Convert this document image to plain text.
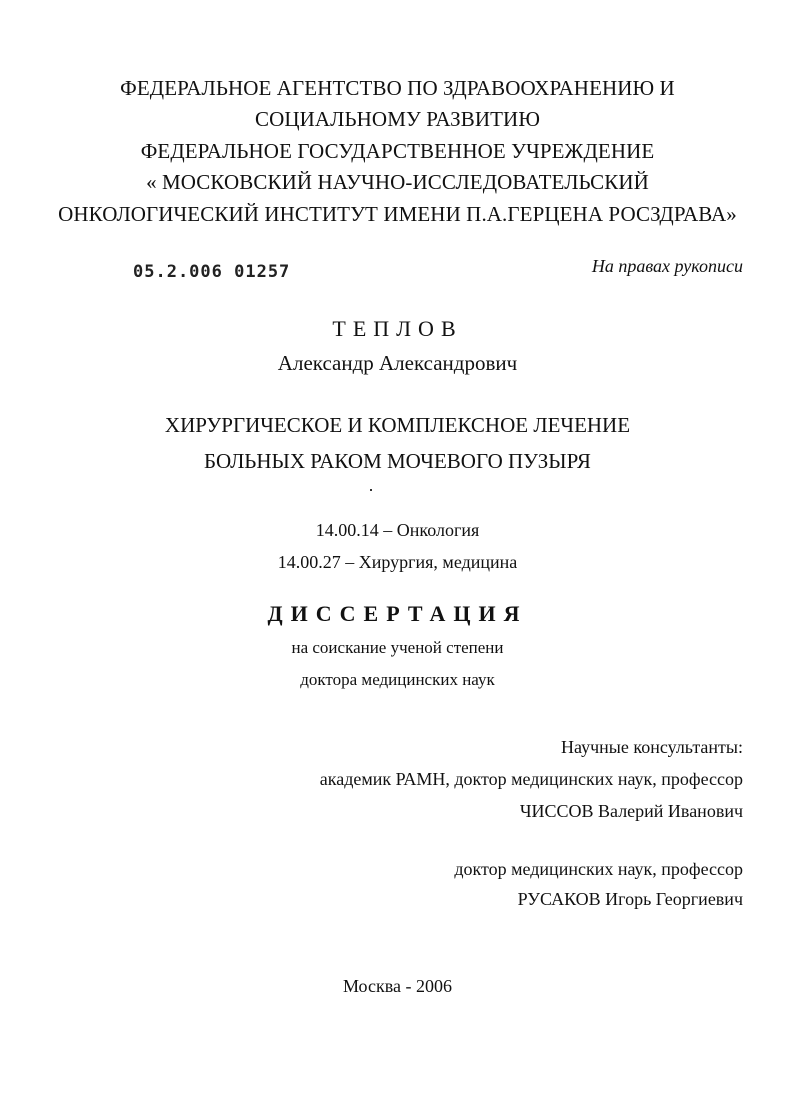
ФЕДЕРАЛЬНОЕ АГЕНТСТВО ПО ЗДРАВООХРАНЕНИЮ И
СОЦИАЛЬНОМУ РАЗВИТИЮ
ФЕДЕРАЛЬНОЕ ГОСУДАРСТВЕННОЕ УЧРЕЖДЕНИЕ
« МОСКОВСКИЙ НАУЧНО-ИССЛЕДОВАТЕЛЬСКИЙ
ОНКОЛОГИЧЕСКИЙ ИНСТИТУТ ИМЕНИ П.А.ГЕРЦЕНА РОСЗДРАВА»
05.2.006 01257	На правах рукописи
ТЕПЛОВ
Александр Александрович
ХИРУРГИЧЕСКОЕ И КОМПЛЕКСНОЕ ЛЕЧЕНИЕ
БОЛЬНЫХ РАКОМ МОЧЕВОГО ПУЗЫРЯ
14.00.14 – Онкология
14.00.27 – Хирургия, медицина
ДИССЕРТАЦИЯ
на соискание ученой степени
доктора медицинских наук
Научные консультанты:
академик РАМН, доктор медицинских наук, профессор
ЧИССОВ Валерий Иванович
доктор медицинских наук, профессор
РУСАКОВ Игорь Георгиевич
Москва - 2006
